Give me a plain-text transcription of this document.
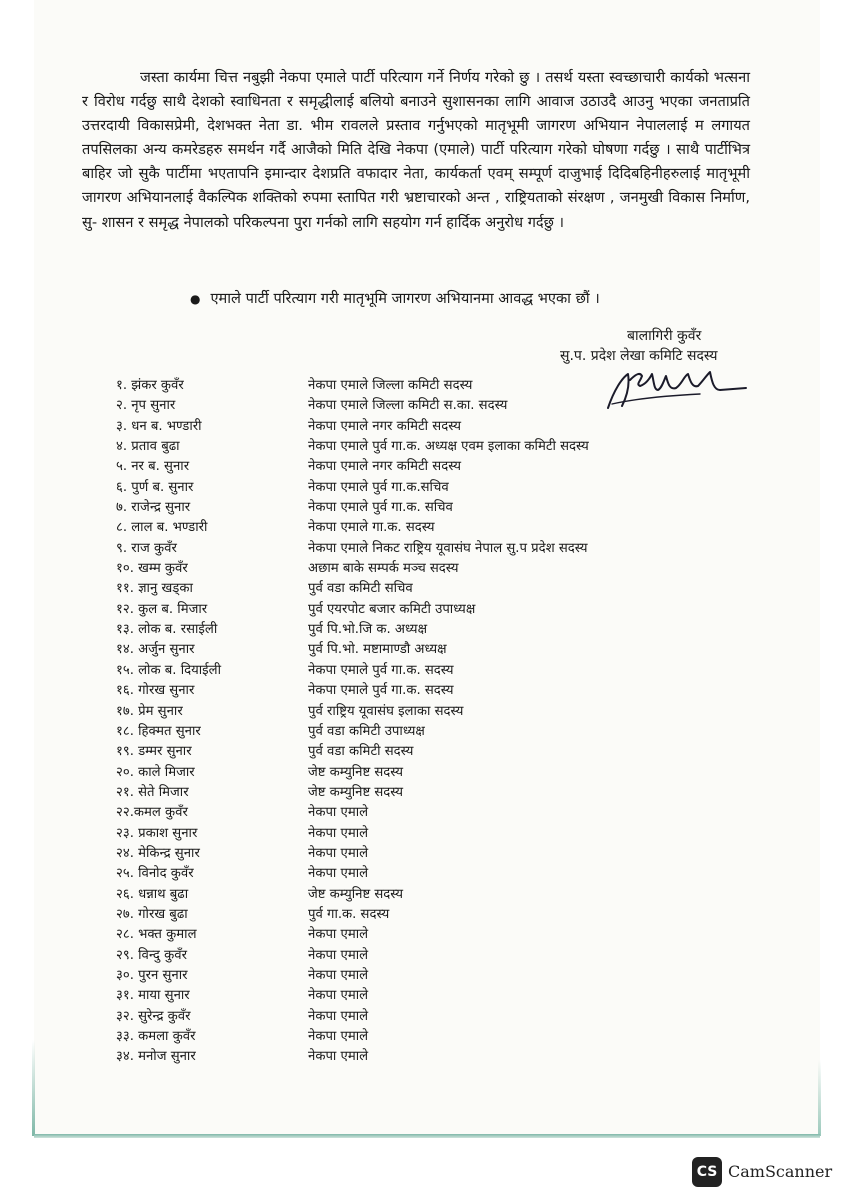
जस्ता कार्यमा चित्त नबुझी नेकपा एमाले पार्टी परित्याग गर्ने निर्णय गरेको छु । तसर्थ यस्ता स्वच्छाचारी कार्यको भत्सना र विरोध गर्दछु साथै देशको स्वाधिनता र समृद्धीलाई बलियो बनाउने सुशासनका लागि आवाज उठाउदै आउनु भएका जनताप्रति उत्तरदायी विकासप्रेमी, देशभक्त नेता डा. भीम रावलले प्रस्ताव गर्नुभएको मातृभूमी जागरण अभियान नेपाललाई म लगायत तपसिलका अन्य कमरेडहरु समर्थन गर्दै आजैको मिति देखि नेकपा (एमाले) पार्टी परित्याग गरेको घोषणा गर्दछु । साथै पार्टीभित्र बाहिर जो सुकै पार्टीमा भएतापनि इमान्दार देशप्रति वफादार नेता, कार्यकर्ता एवम् सम्पूर्ण दाजुभाई दिदिबहिनीहरुलाई मातृभूमी जागरण अभियानलाई वैकल्पिक शक्तिको रुपमा स्तापित गरी भ्रष्टाचारको अन्त , राष्ट्रियताको संरक्षण , जनमुखी विकास निर्माण, सु- शासन र समृद्ध नेपालको परिकल्पना पुरा गर्नको लागि सहयोग गर्न हार्दिक अनुरोध गर्दछु ।

● एमाले पार्टी परित्याग गरी मातृभूमि जागरण अभियानमा आवद्ध भएका छौं ।
बालागिरी कुवँर
सु.प. प्रदेश लेखा कमिटि सदस्य
१. झंकर कुवँर	नेकपा एमाले जिल्ला कमिटी सदस्य
२. नृप सुनार	नेकपा एमाले जिल्ला कमिटी स.का. सदस्य
३. धन ब. भण्डारी	नेकपा एमाले नगर कमिटी सदस्य
४. प्रताव बुढा	नेकपा एमाले पुर्व गा.क. अध्यक्ष एवम इलाका कमिटी सदस्य
५. नर ब. सुनार	नेकपा एमाले नगर कमिटी सदस्य
६. पुर्ण ब. सुनार	नेकपा एमाले पुर्व गा.क.सचिव
७. राजेन्द्र सुनार	नेकपा एमाले पुर्व गा.क. सचिव
८. लाल ब. भण्डारी	नेकपा एमाले गा.क. सदस्य
९. राज कुवँर	नेकपा एमाले निकट राष्ट्रिय यूवासंघ नेपाल सु.प प्रदेश सदस्य
१०. खम्म कुवँर	अछाम बाके सम्पर्क मञ्च सदस्य
११. ज्ञानु खड्का	पुर्व वडा कमिटी सचिव
१२. कुल ब. मिजार	पुर्व एयरपोट बजार कमिटी उपाध्यक्ष
१३. लोक ब. रसाईली	पुर्व पि.भो.जि क. अध्यक्ष
१४. अर्जुन सुनार	पुर्व पि.भो. मष्टामाण्डौ अध्यक्ष
१५. लोक ब. दियाईली	नेकपा एमाले पुर्व गा.क. सदस्य
१६. गोरख सुनार	नेकपा एमाले पुर्व गा.क. सदस्य
१७. प्रेम सुनार	पुर्व राष्ट्रिय यूवासंघ इलाका सदस्य
१८. हिक्मत सुनार	पुर्व वडा कमिटी उपाध्यक्ष
१९. डम्मर सुनार	पुर्व वडा कमिटी सदस्य
२०. काले मिजार	जेष्ट कम्युनिष्ट सदस्य
२१. सेते मिजार	जेष्ट कम्युनिष्ट सदस्य
२२.कमल कुवँर	नेकपा एमाले
२३. प्रकाश सुनार	नेकपा एमाले
२४. मेकिन्द्र सुनार	नेकपा एमाले
२५. विनोद कुवँर	नेकपा एमाले
२६. धन्नाथ बुढा	जेष्ट कम्युनिष्ट सदस्य
२७. गोरख बुढा	पुर्व गा.क. सदस्य
२८. भक्त कुमाल	नेकपा एमाले
२९. विन्दु कुवँर	नेकपा एमाले
३०. पुरन सुनार	नेकपा एमाले
३१. माया सुनार	नेकपा एमाले
३२. सुरेन्द्र कुवँर	नेकपा एमाले
३३. कमला कुवँर	नेकपा एमाले
३४. मनोज सुनार	नेकपा एमाले
CS CamScanner
